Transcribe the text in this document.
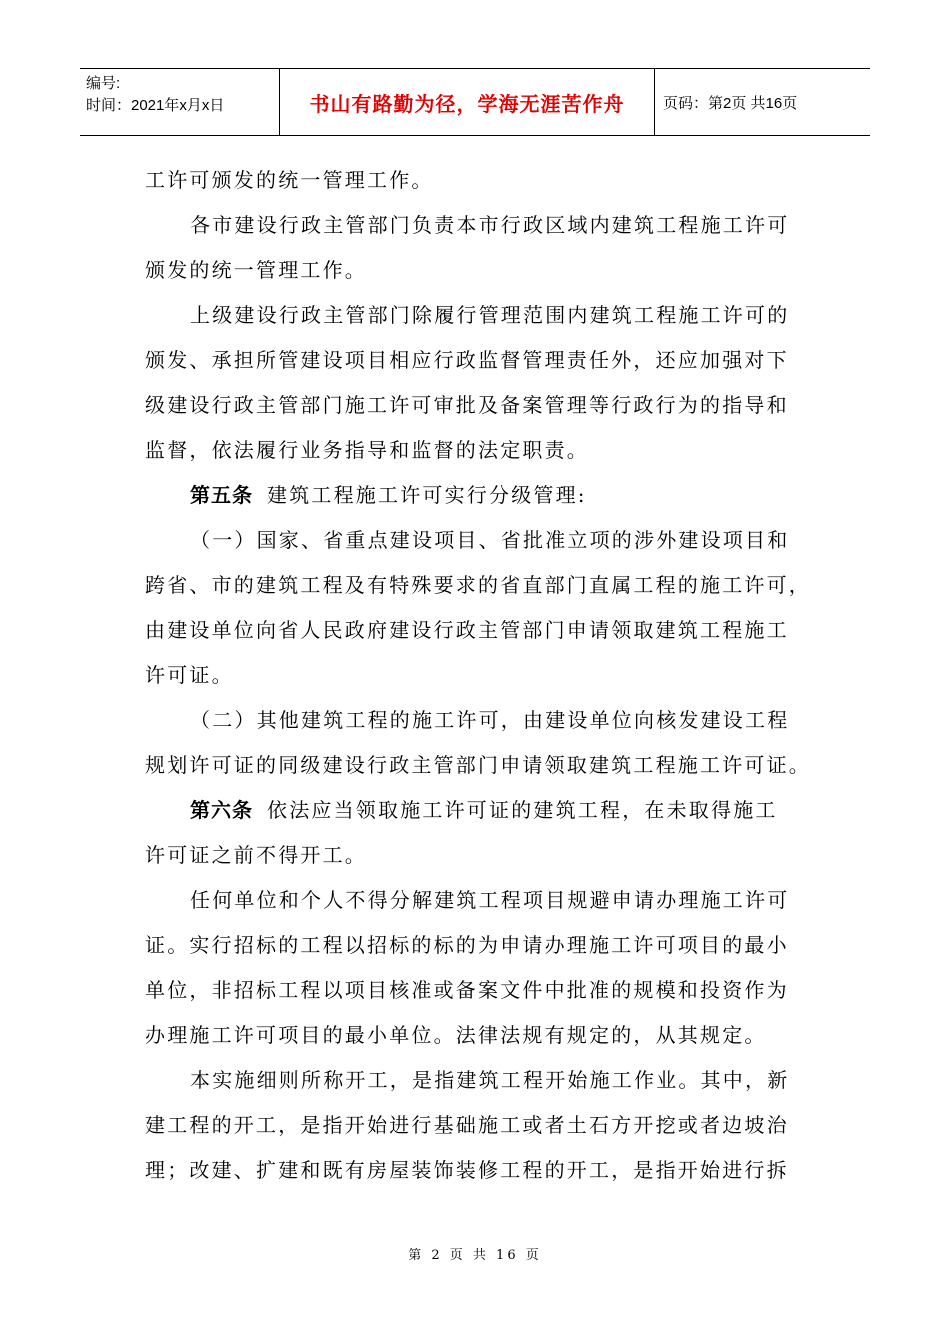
编号:
时间：2021年x月x日	书山有路勤为径，学海无涯苦作舟	页码：第2页 共16页

工许可颁发的统一管理工作。

各市建设行政主管部门负责本市行政区域内建筑工程施工许可

颁发的统一管理工作。

上级建设行政主管部门除履行管理范围内建筑工程施工许可的

颁发、承担所管建设项目相应行政监督管理责任外，还应加强对下

级建设行政主管部门施工许可审批及备案管理等行政行为的指导和

监督，依法履行业务指导和监督的法定职责。

第五条 建筑工程施工许可实行分级管理:

（一）国家、省重点建设项目、省批准立项的涉外建设项目和

跨省、市的建筑工程及有特殊要求的省直部门直属工程的施工许可，

由建设单位向省人民政府建设行政主管部门申请领取建筑工程施工

许可证。

（二）其他建筑工程的施工许可，由建设单位向核发建设工程

规划许可证的同级建设行政主管部门申请领取建筑工程施工许可证。

第六条 依法应当领取施工许可证的建筑工程，在未取得施工

许可证之前不得开工。

任何单位和个人不得分解建筑工程项目规避申请办理施工许可

证。实行招标的工程以招标的标的为申请办理施工许可项目的最小

单位，非招标工程以项目核准或备案文件中批准的规模和投资作为

办理施工许可项目的最小单位。法律法规有规定的，从其规定。

本实施细则所称开工，是指建筑工程开始施工作业。其中，新

建工程的开工，是指开始进行基础施工或者土石方开挖或者边坡治

理；改建、扩建和既有房屋装饰装修工程的开工，是指开始进行拆

第 2 页 共 16 页
